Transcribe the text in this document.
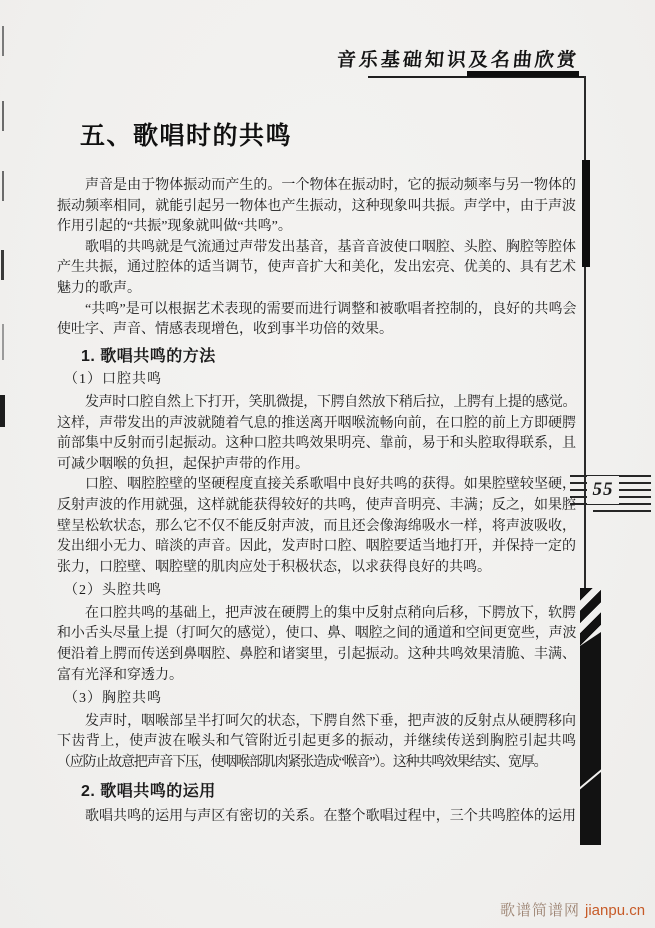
音乐基础知识及名曲欣赏
55
五、歌唱时的共鸣
声音是由于物体振动而产生的。一个物体在振动时，它的振动频率与另一物体的
振动频率相同，就能引起另一物体也产生振动，这种现象叫共振。声学中，由于声波
作用引起的“共振”现象就叫做“共鸣”。
歌唱的共鸣就是气流通过声带发出基音，基音音波使口咽腔、头腔、胸腔等腔体
产生共振，通过腔体的适当调节，使声音扩大和美化，发出宏亮、优美的、具有艺术
魅力的歌声。
“共鸣”是可以根据艺术表现的需要而进行调整和被歌唱者控制的，良好的共鸣会
使吐字、声音、情感表现增色，收到事半功倍的效果。
1. 歌唱共鸣的方法
（1）口腔共鸣
发声时口腔自然上下打开，笑肌微提，下腭自然放下稍后拉，上腭有上提的感觉。
这样，声带发出的声波就随着气息的推送离开咽喉流畅向前，在口腔的前上方即硬腭
前部集中反射而引起振动。这种口腔共鸣效果明亮、靠前，易于和头腔取得联系，且
可减少咽喉的负担，起保护声带的作用。
口腔、咽腔腔壁的坚硬程度直接关系歌唱中良好共鸣的获得。如果腔壁较坚硬，
反射声波的作用就强，这样就能获得较好的共鸣，使声音明亮、丰满；反之，如果腔
壁呈松软状态，那么它不仅不能反射声波，而且还会像海绵吸水一样，将声波吸收，
发出细小无力、暗淡的声音。因此，发声时口腔、咽腔要适当地打开，并保持一定的
张力，口腔壁、咽腔壁的肌肉应处于积极状态，以求获得良好的共鸣。
（2）头腔共鸣
在口腔共鸣的基础上，把声波在硬腭上的集中反射点稍向后移，下腭放下，软腭
和小舌头尽量上提（打呵欠的感觉），使口、鼻、咽腔之间的通道和空间更宽些，声波
便沿着上腭而传送到鼻咽腔、鼻腔和诸窦里，引起振动。这种共鸣效果清脆、丰满、
富有光泽和穿透力。
（3）胸腔共鸣
发声时，咽喉部呈半打呵欠的状态，下腭自然下垂，把声波的反射点从硬腭移向
下齿背上，使声波在喉头和气管附近引起更多的振动，并继续传送到胸腔引起共鸣
（应防止故意把声音下压，使咽喉部肌肉紧张造成“喉音”）。这种共鸣效果结实、宽厚。
2. 歌唱共鸣的运用
歌唱共鸣的运用与声区有密切的关系。在整个歌唱过程中，三个共鸣腔体的运用
歌谱简谱网 jianpu.cn
